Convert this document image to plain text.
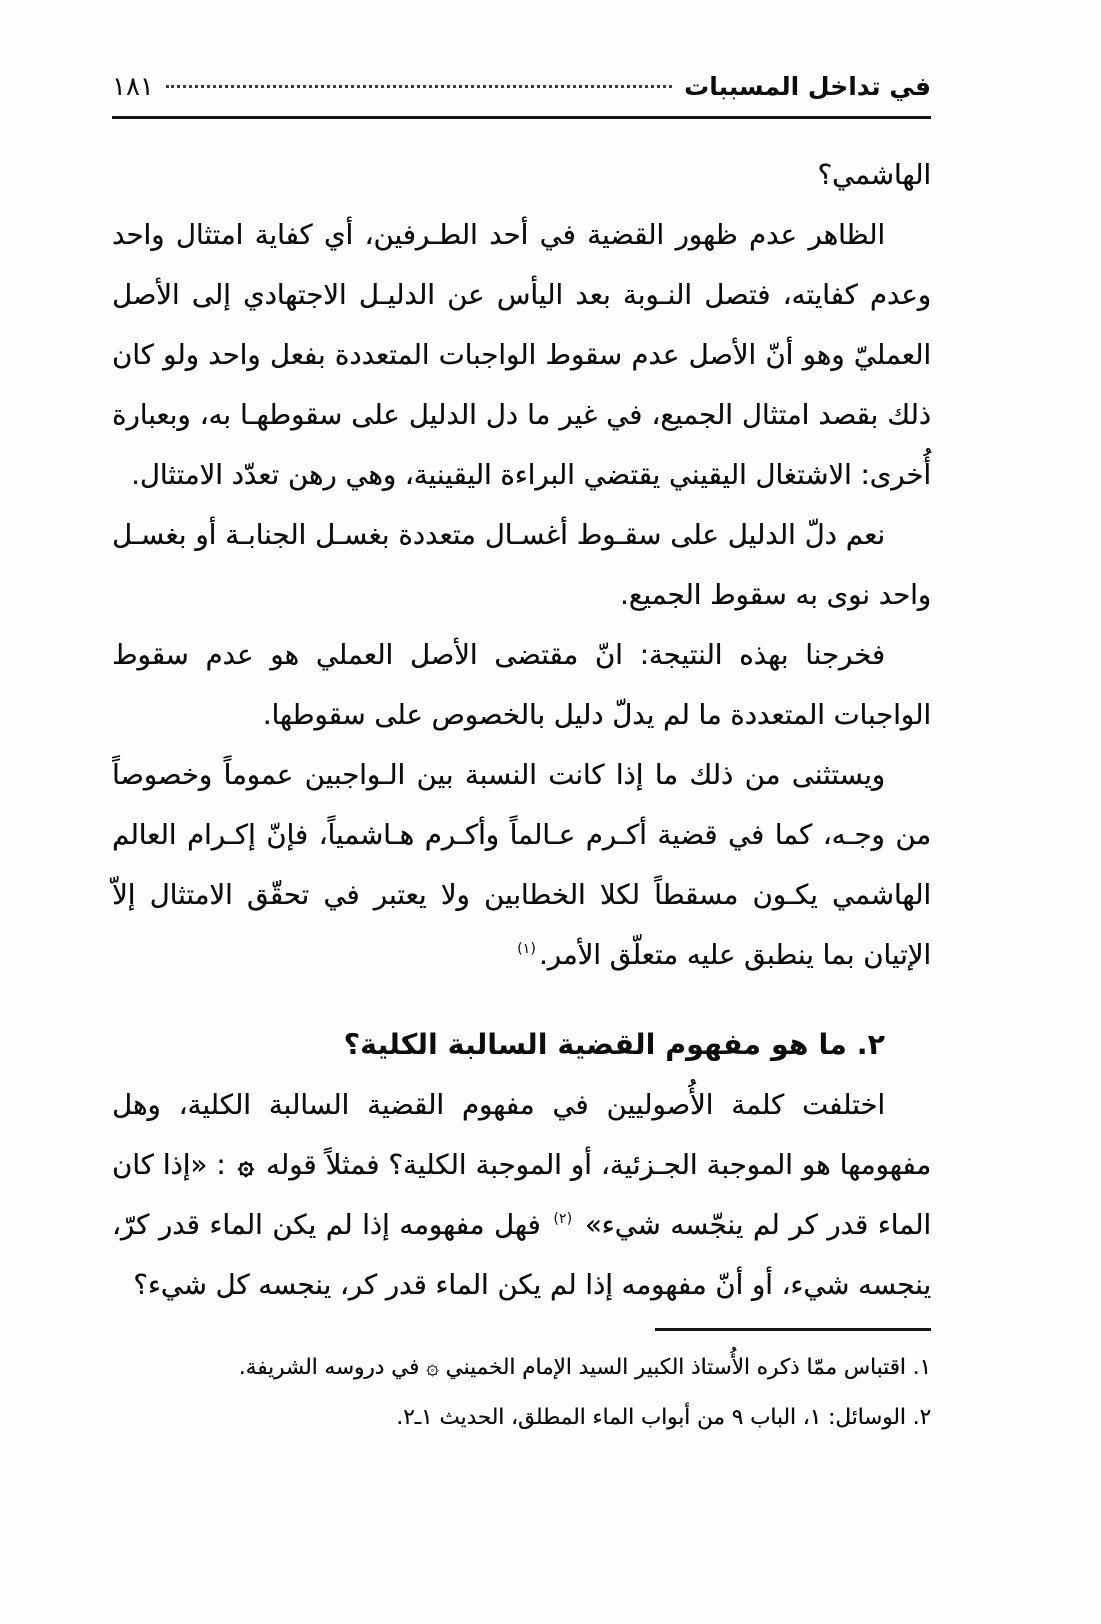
في تداخل المسببات
١٨١

الهاشمي؟

الظاهر عدم ظهور القضية في أحد الطـرفين، أي كفاية امتثال واحد وعدم كفايته، فتصل النـوبة بعد اليأس عن الدليـل الاجتهادي إلى الأصل العمليّ وهو أنّ الأصل عدم سقوط الواجبات المتعددة بفعل واحد ولو كان ذلك بقصد امتثال الجميع، في غير ما دل الدليل على سقوطهـا به، وبعبارة أُخرى: الاشتغال اليقيني يقتضي البراءة اليقينية، وهي رهن تعدّد الامتثال.

نعم دلّ الدليل على سقـوط أغسـال متعددة بغسـل الجنابـة أو بغسـل واحد نوى به سقوط الجميع.

فخرجنا بهذه النتيجة: انّ مقتضى الأصل العملي هو عدم سقوط الواجبات المتعددة ما لم يدلّ دليل بالخصوص على سقوطها.

ويستثنى من ذلك ما إذا كانت النسبة بين الـواجبين عموماً وخصوصاً من وجـه، كما في قضية أكـرم عـالماً وأكـرم هـاشمياً، فإنّ إكـرام العالم الهاشمي يكـون مسقطاً لكلا الخطابين ولا يعتبر في تحقّق الامتثال إلاّ الإتيان بما ينطبق عليه متعلّق الأمر.$^{(١)}$

٢. ما هو مفهوم القضية السالبة الكلية؟

اختلفت كلمة الأُصوليين في مفهوم القضية السالبة الكلية، وهل مفهومها هو الموجبة الجـزئية، أو الموجبة الكلية؟ فمثلاً قوله ۞ : «إذا كان الماء قدر كر لم ينجّسه شيء» $^{(٢)}$ فهل مفهومه إذا لم يكن الماء قدر كرّ، ينجسه شيء، أو أنّ مفهومه إذا لم يكن الماء قدر كر، ينجسه كل شيء؟

١. اقتباس ممّا ذكره الأُستاذ الكبير السيد الإمام الخميني ۞ في دروسه الشريفة.

٢. الوسائل: ١، الباب ٩ من أبواب الماء المطلق، الحديث ١ـ٢.
